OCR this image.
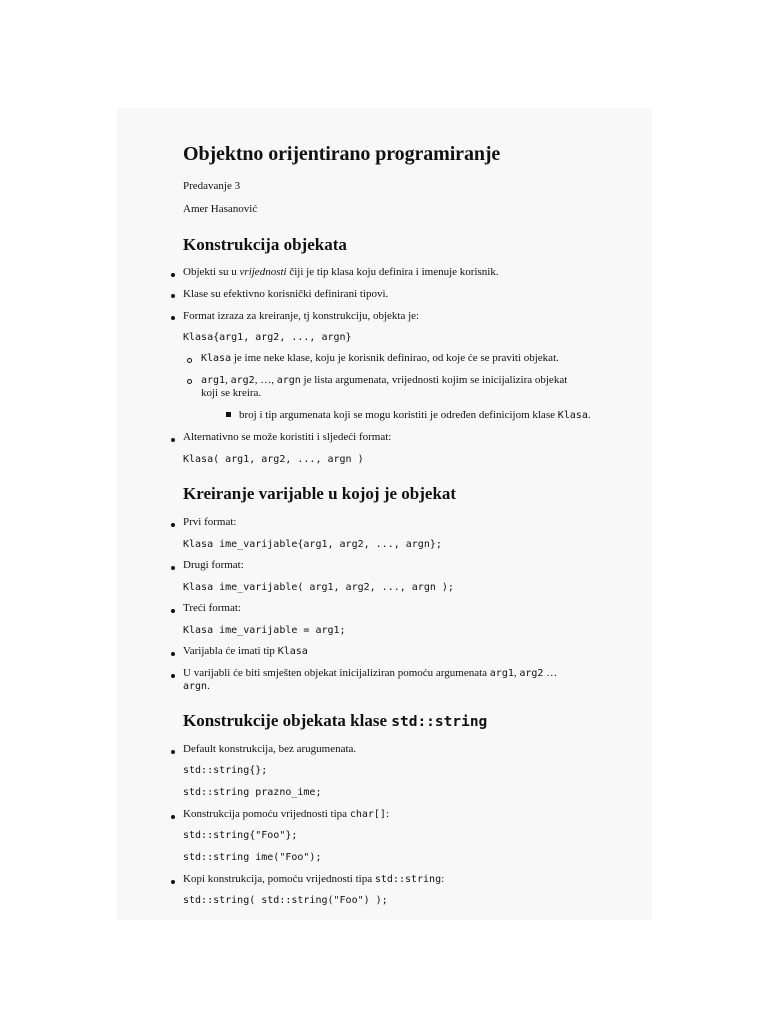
Objektno orijentirano programiranje

Predavanje 3

Amer Hasanović

Konstrukcija objekata

Objekti su u vrijednosti čiji je tip klasa koju definira i imenuje korisnik.

Klase su efektivno korisnički definirani tipovi.

Format izraza za kreiranje, tj konstrukciju, objekta je:

Klasa{arg1, arg2, ..., argn}

Klasa je ime neke klase, koju je korisnik definirao, od koje će se praviti objekat.

arg1, arg2, …, argn je lista argumenata, vrijednosti kojim se inicijalizira objekat

koji se kreira.

broj i tip argumenata koji se mogu koristiti je određen definicijom klase Klasa.

Alternativno se može koristiti i sljedeći format:

Klasa( arg1, arg2, ..., argn )

Kreiranje varijable u kojoj je objekat

Prvi format:

Klasa ime_varijable{arg1, arg2, ..., argn};

Drugi format:

Klasa ime_varijable( arg1, arg2, ..., argn );

Treći format:

Klasa ime_varijable = arg1;

Varijabla će imati tip Klasa

U varijabli će biti smješten objekat inicijaliziran pomoću argumenata arg1, arg2 …

argn.

Konstrukcije objekata klase std::string

Default konstrukcija, bez arugumenata.

std::string{};

std::string prazno_ime;

Konstrukcija pomoću vrijednosti tipa char[]:

std::string{"Foo"};

std::string ime("Foo");

Kopi konstrukcija, pomoću vrijednosti tipa std::string:

std::string( std::string("Foo") );
